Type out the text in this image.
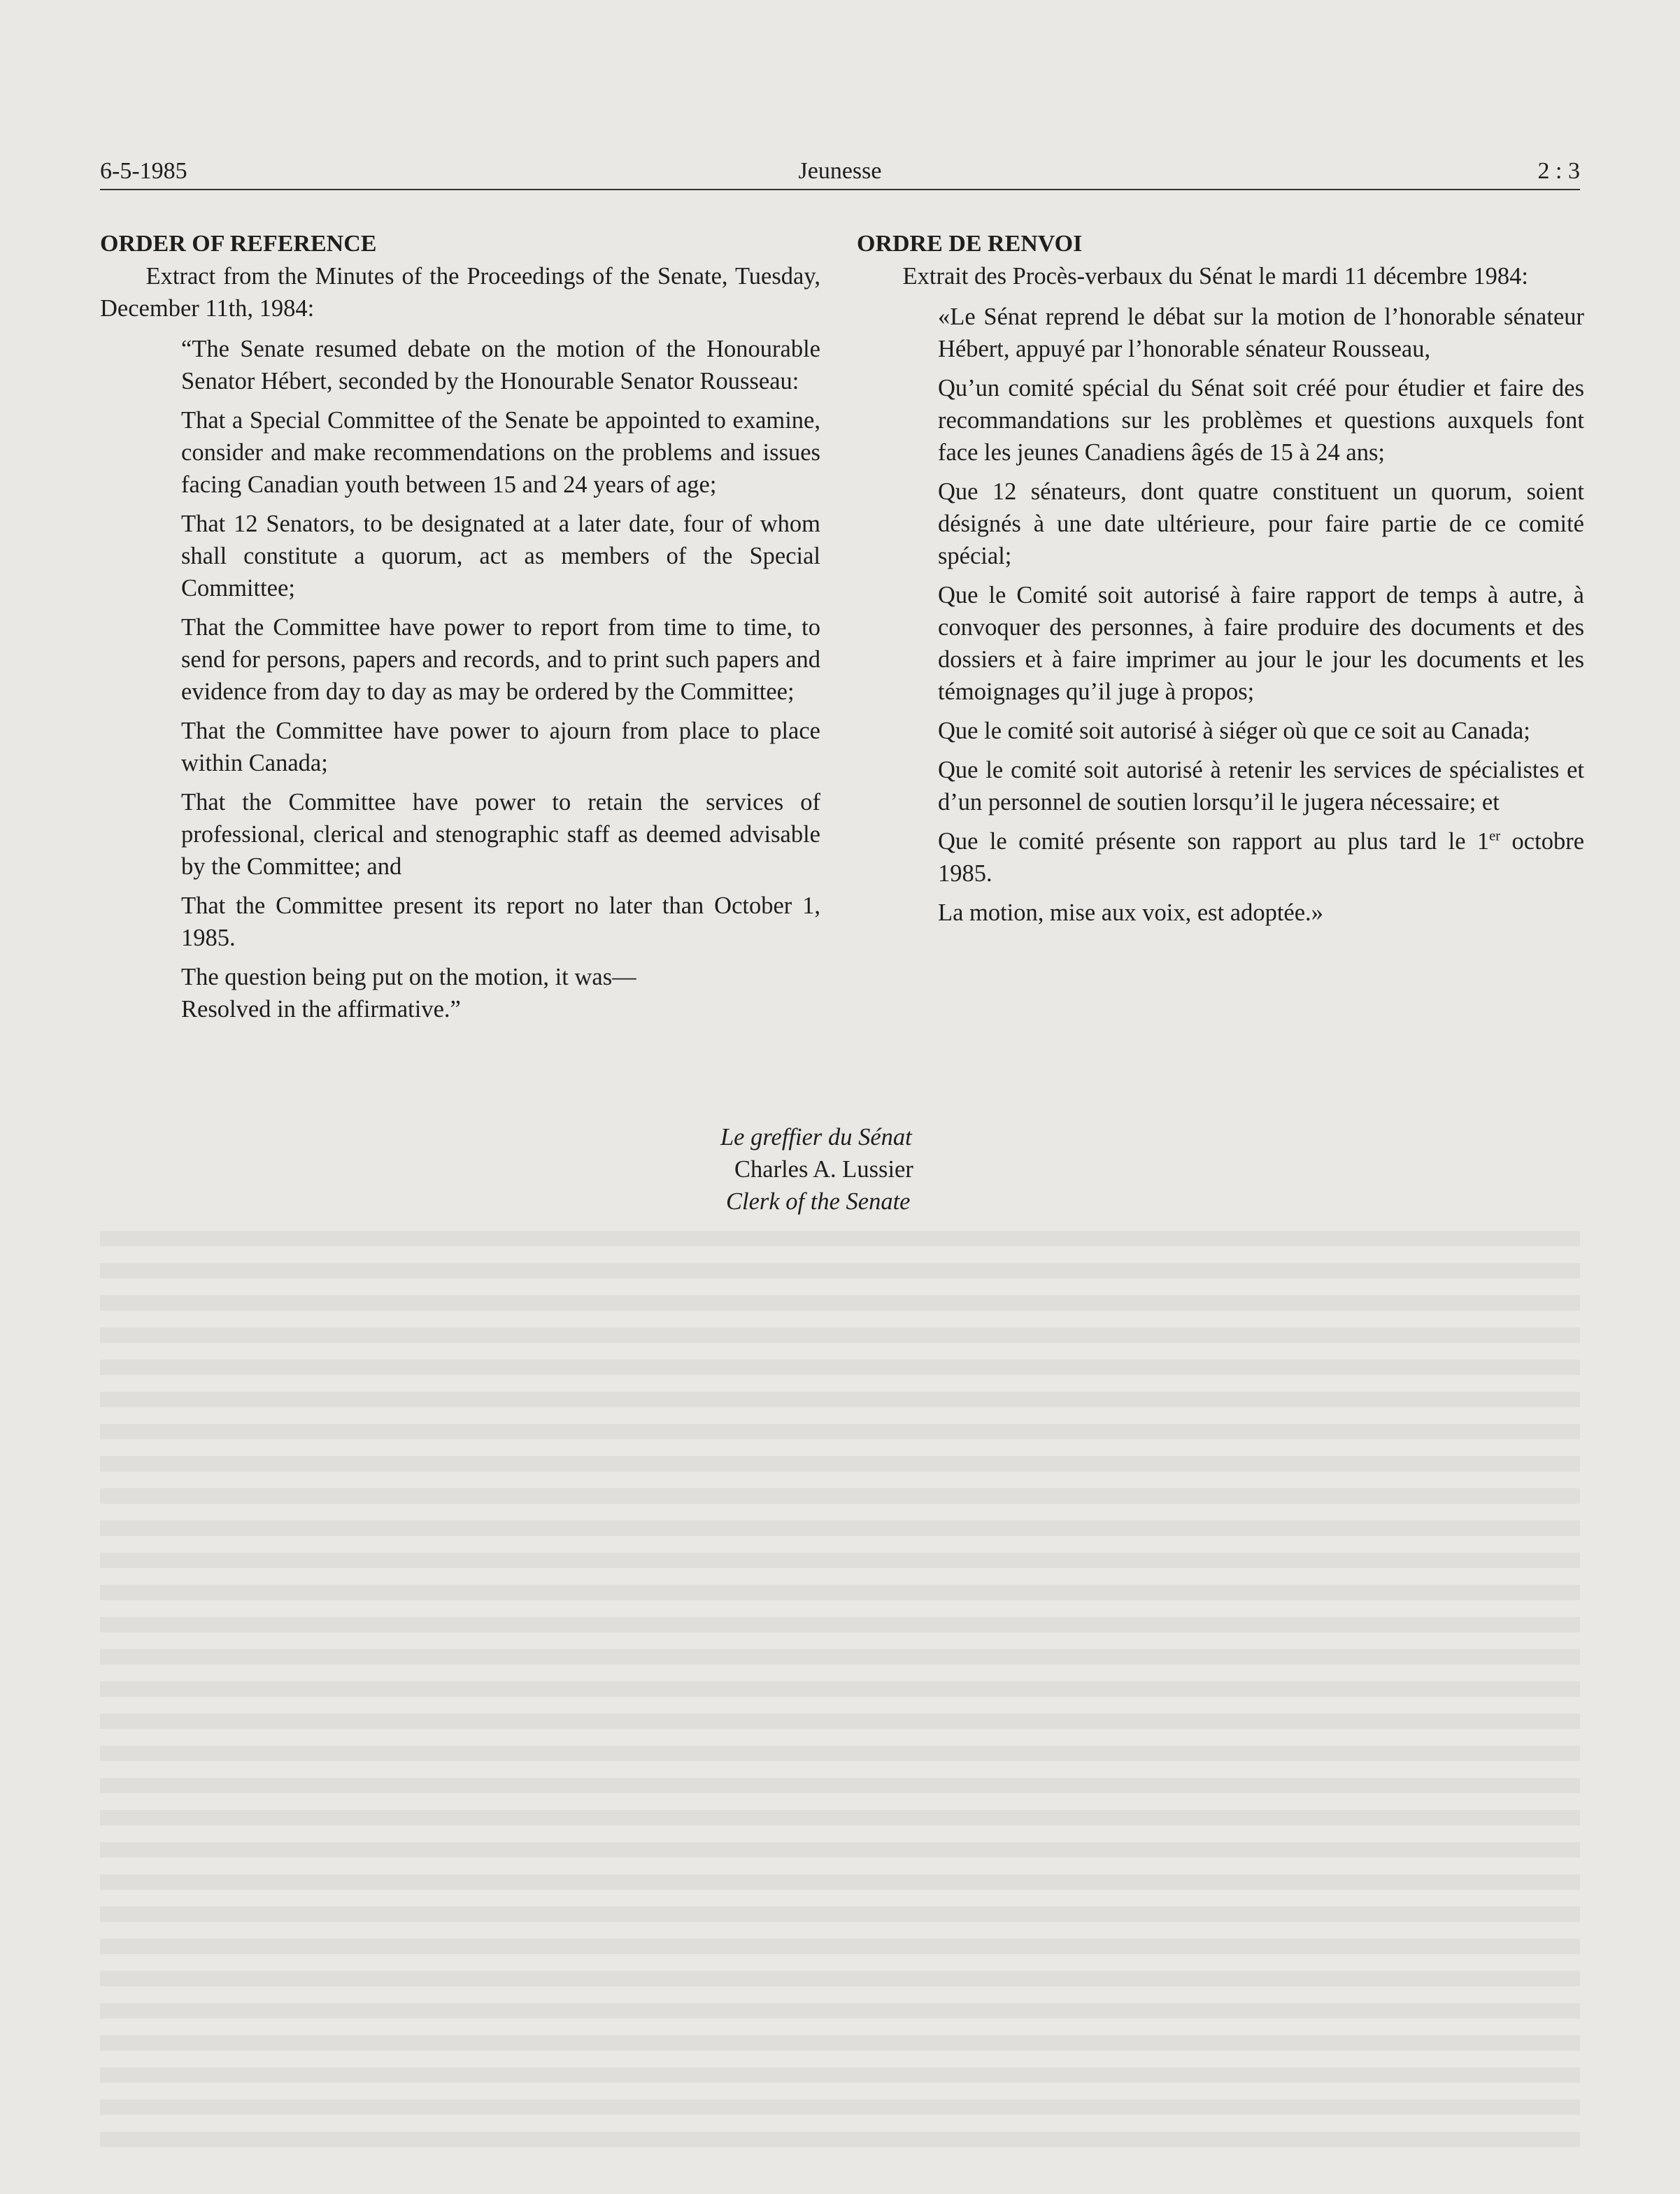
6-5-1985	Jeunesse	2 : 3
ORDER OF REFERENCE

Extract from the Minutes of the Proceedings of the Senate, Tuesday, December 11th, 1984:

“The Senate resumed debate on the motion of the Honourable Senator Hébert, seconded by the Honourable Senator Rousseau:

That a Special Committee of the Senate be appointed to examine, consider and make recommendations on the problems and issues facing Canadian youth between 15 and 24 years of age;

That 12 Senators, to be designated at a later date, four of whom shall constitute a quorum, act as members of the Special Committee;

That the Committee have power to report from time to time, to send for persons, papers and records, and to print such papers and evidence from day to day as may be ordered by the Committee;

That the Committee have power to ajourn from place to place within Canada;

That the Committee have power to retain the services of professional, clerical and stenographic staff as deemed advisable by the Committee; and

That the Committee present its report no later than October 1, 1985.

The question being put on the motion, it was—

Resolved in the affirmative.”

ORDRE DE RENVOI

Extrait des Procès-verbaux du Sénat le mardi 11 décembre 1984:

«Le Sénat reprend le débat sur la motion de l’honorable sénateur Hébert, appuyé par l’honorable sénateur Rousseau,

Qu’un comité spécial du Sénat soit créé pour étudier et faire des recommandations sur les problèmes et questions auxquels font face les jeunes Canadiens âgés de 15 à 24 ans;

Que 12 sénateurs, dont quatre constituent un quorum, soient désignés à une date ultérieure, pour faire partie de ce comité spécial;

Que le Comité soit autorisé à faire rapport de temps à autre, à convoquer des personnes, à faire produire des documents et des dossiers et à faire imprimer au jour le jour les documents et les témoignages qu’il juge à propos;

Que le comité soit autorisé à siéger où que ce soit au Canada;

Que le comité soit autorisé à retenir les services de spécialistes et d’un personnel de soutien lorsqu’il le jugera nécessaire; et

Que le comité présente son rapport au plus tard le 1er octobre 1985.

La motion, mise aux voix, est adoptée.»

Le greffier du Sénat
Charles A. Lussier
Clerk of the Senate
